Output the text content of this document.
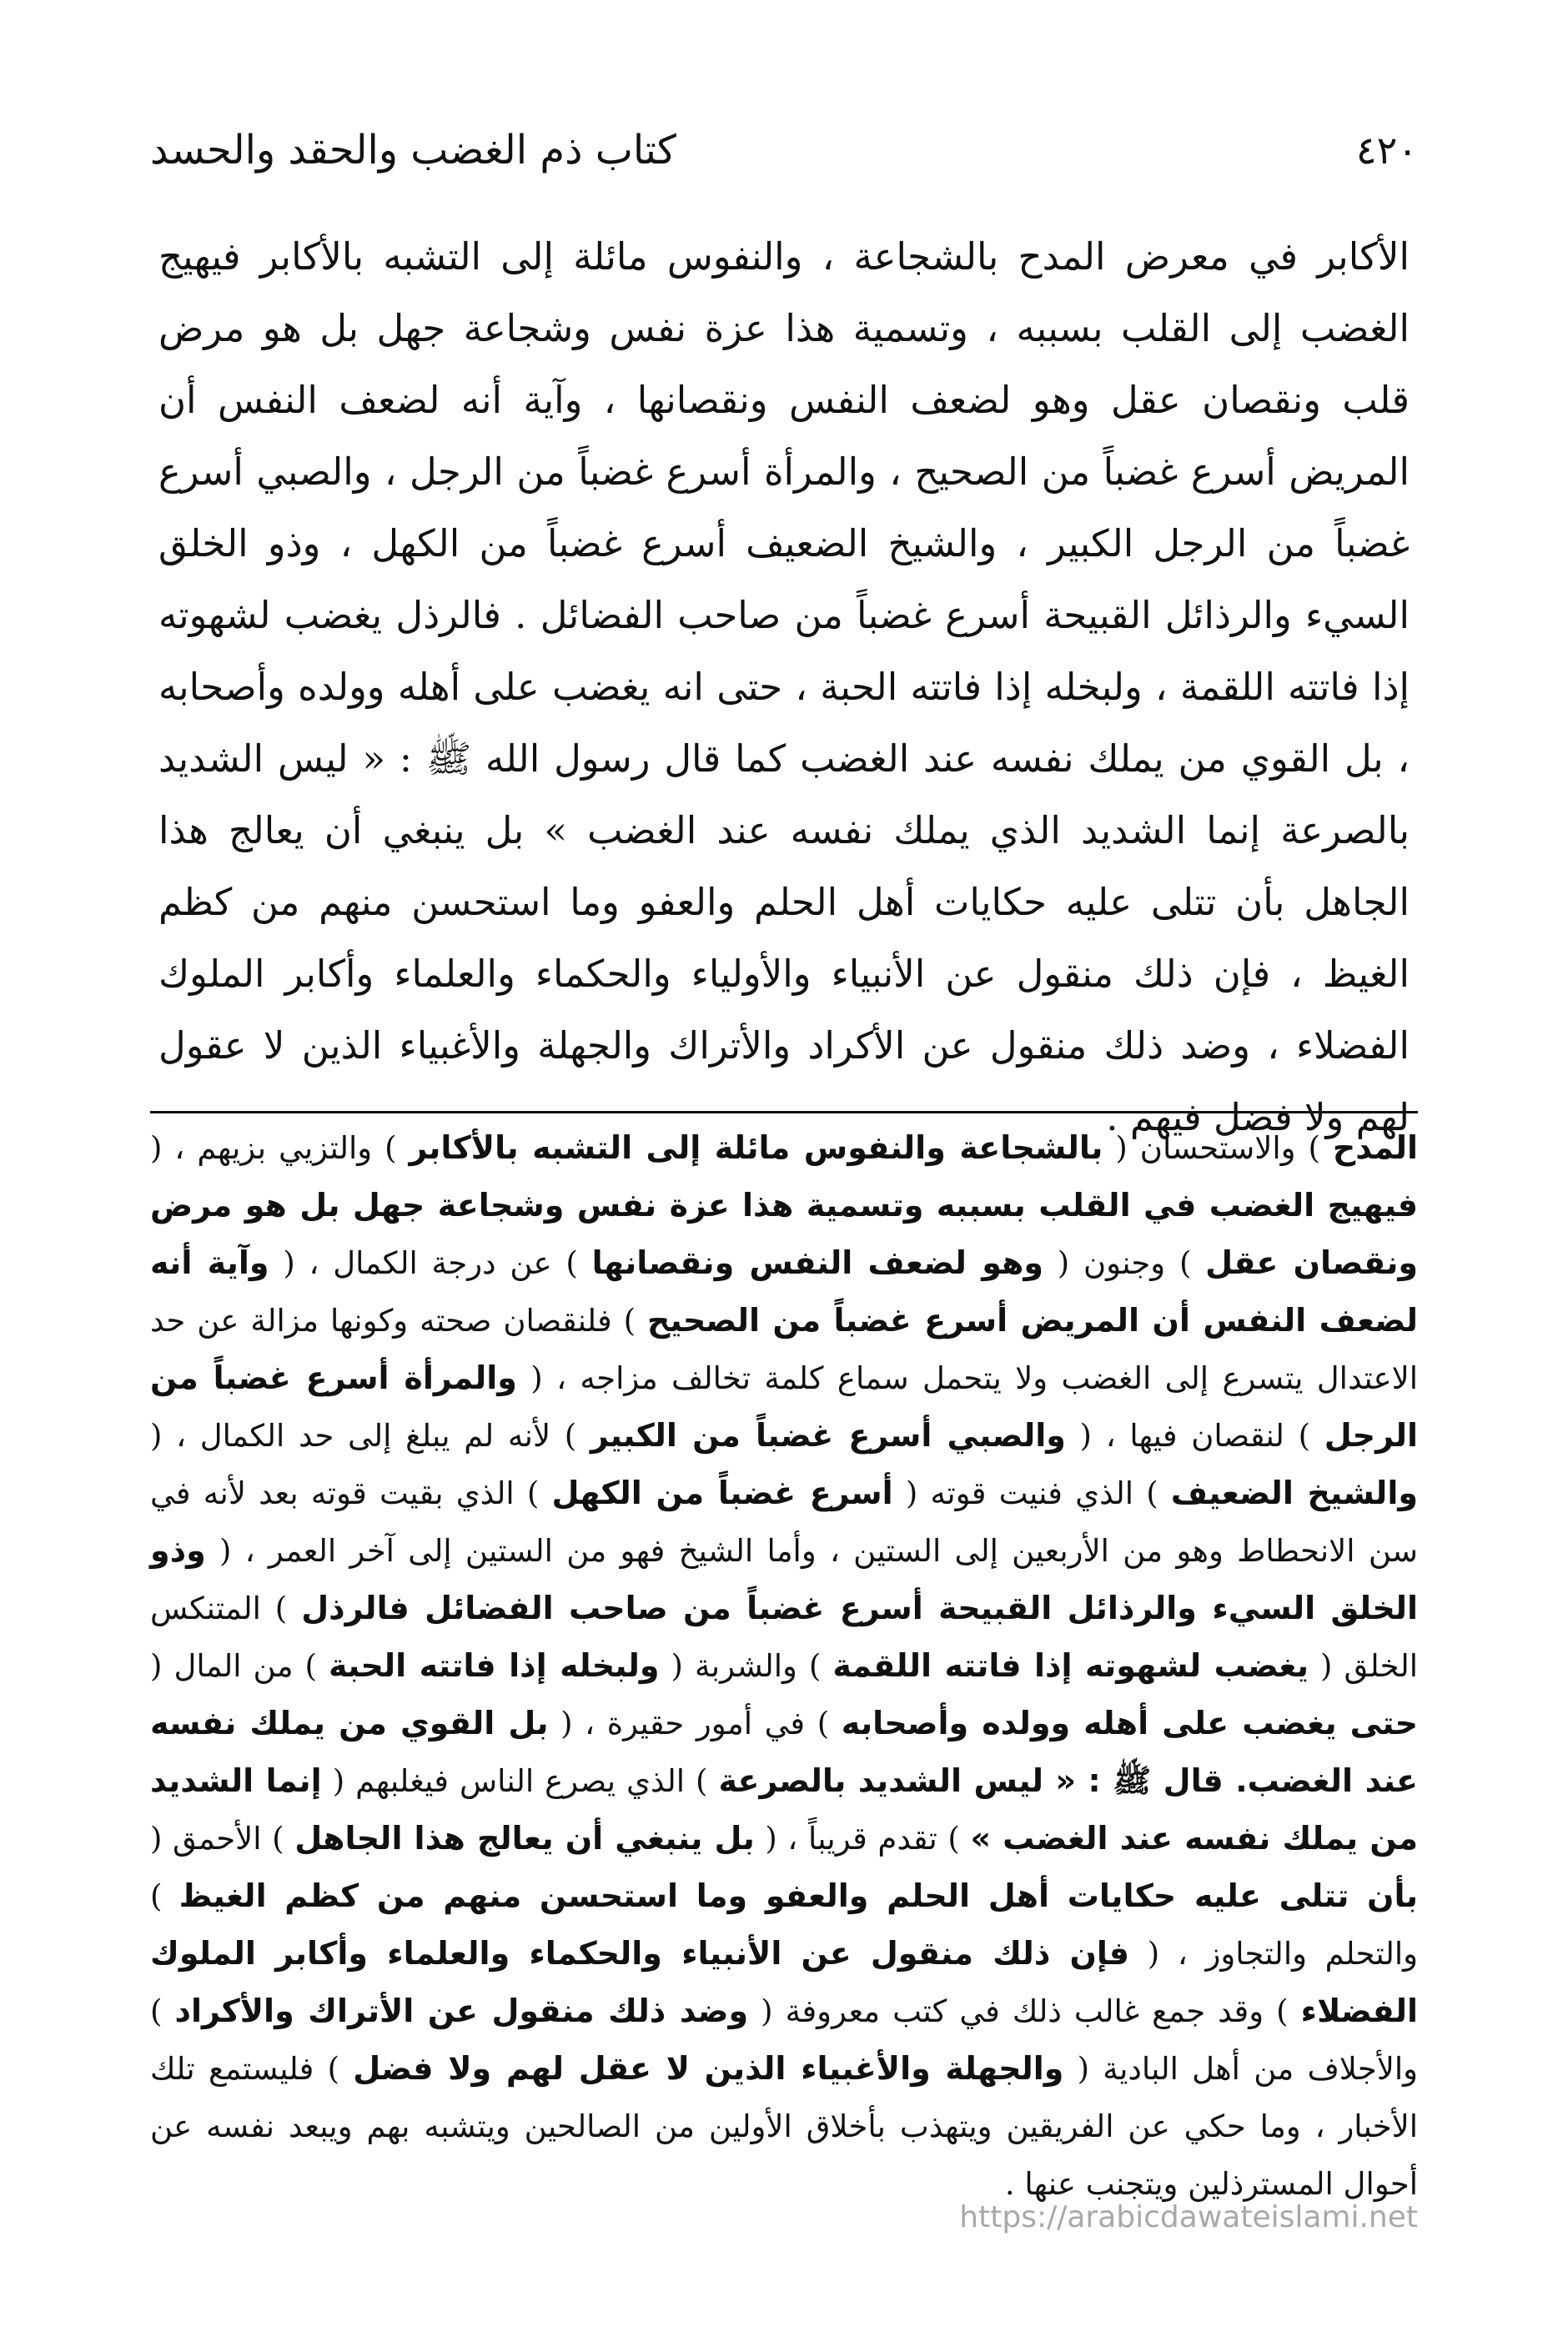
٤٢٠
كتاب ذم الغضب والحقد والحسد

الأكابر في معرض المدح بالشجاعة ، والنفوس مائلة إلى التشبه بالأكابر فيهيج الغضب إلى القلب بسببه ، وتسمية هذا عزة نفس وشجاعة جهل بل هو مرض قلب ونقصان عقل وهو لضعف النفس ونقصانها ، وآية أنه لضعف النفس أن المريض أسرع غضباً من الصحيح ، والمرأة أسرع غضباً من الرجل ، والصبي أسرع غضباً من الرجل الكبير ، والشيخ الضعيف أسرع غضباً من الكهل ، وذو الخلق السيء والرذائل القبيحة أسرع غضباً من صاحب الفضائل . فالرذل يغضب لشهوته إذا فاتته اللقمة ، ولبخله إذا فاتته الحبة ، حتى انه يغضب على أهله وولده وأصحابه ، بل القوي من يملك نفسه عند الغضب كما قال رسول الله ﷺ : « ليس الشديد بالصرعة إنما الشديد الذي يملك نفسه عند الغضب » بل ينبغي أن يعالج هذا الجاهل بأن تتلى عليه حكايات أهل الحلم والعفو وما استحسن منهم من كظم الغيظ ، فإن ذلك منقول عن الأنبياء والأولياء والحكماء والعلماء وأكابر الملوك الفضلاء ، وضد ذلك منقول عن الأكراد والأتراك والجهلة والأغبياء الذين لا عقول لهم ولا فضل فيهم .

المدح ) والاستحسان ( بالشجاعة والنفوس مائلة إلى التشبه بالأكابر ) والتزيي بزيهم ، ( فيهيج الغضب في القلب بسببه وتسمية هذا عزة نفس وشجاعة جهل بل هو مرض ونقصان عقل ) وجنون ( وهو لضعف النفس ونقصانها ) عن درجة الكمال ، ( وآية أنه لضعف النفس أن المريض أسرع غضباً من الصحيح ) فلنقصان صحته وكونها مزالة عن حد الاعتدال يتسرع إلى الغضب ولا يتحمل سماع كلمة تخالف مزاجه ، ( والمرأة أسرع غضباً من الرجل ) لنقصان فيها ، ( والصبي أسرع غضباً من الكبير ) لأنه لم يبلغ إلى حد الكمال ، ( والشيخ الضعيف ) الذي فنيت قوته ( أسرع غضباً من الكهل ) الذي بقيت قوته بعد لأنه في سن الانحطاط وهو من الأربعين إلى الستين ، وأما الشيخ فهو من الستين إلى آخر العمر ، ( وذو الخلق السيء والرذائل القبيحة أسرع غضباً من صاحب الفضائل فالرذل ) المتنكس الخلق ( يغضب لشهوته إذا فاتته اللقمة ) والشربة ( ولبخله إذا فاتته الحبة ) من المال ( حتى يغضب على أهله وولده وأصحابه ) في أمور حقيرة ، ( بل القوي من يملك نفسه عند الغضب. قال ﷺ : « ليس الشديد بالصرعة ) الذي يصرع الناس فيغلبهم ( إنما الشديد من يملك نفسه عند الغضب » ) تقدم قريباً ، ( بل ينبغي أن يعالج هذا الجاهل ) الأحمق ( بأن تتلى عليه حكايات أهل الحلم والعفو وما استحسن منهم من كظم الغيظ ) والتحلم والتجاوز ، ( فإن ذلك منقول عن الأنبياء والحكماء والعلماء وأكابر الملوك الفضلاء ) وقد جمع غالب ذلك في كتب معروفة ( وضد ذلك منقول عن الأتراك والأكراد ) والأجلاف من أهل البادية ( والجهلة والأغبياء الذين لا عقل لهم ولا فضل ) فليستمع تلك الأخبار ، وما حكي عن الفريقين ويتهذب بأخلاق الأولين من الصالحين ويتشبه بهم ويبعد نفسه عن أحوال المسترذلين ويتجنب عنها .

https://arabicdawateislami.net
